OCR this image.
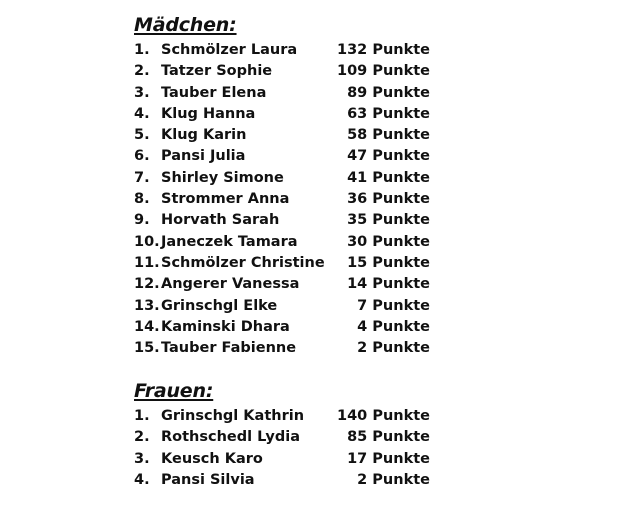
Mädchen:
1. Schmölzer Laura	132 Punkte
2. Tatzer Sophie	109 Punkte
3. Tauber Elena	89 Punkte
4. Klug Hanna	63 Punkte
5. Klug Karin	58 Punkte
6. Pansi Julia	47 Punkte
7. Shirley Simone	41 Punkte
8. Strommer Anna	36 Punkte
9. Horvath Sarah	35 Punkte
10. Janeczek Tamara	30 Punkte
11. Schmölzer Christine 15 Punkte
12. Angerer Vanessa	14 Punkte
13. Grinschgl Elke	7 Punkte
14. Kaminski Dhara	4 Punkte
15. Tauber Fabienne	2 Punkte
Frauen:
1. Grinschgl Kathrin 140 Punkte
2. Rothschedl Lydia	85 Punkte
3. Keusch Karo	17 Punkte
4. Pansi Silvia	2 Punkte
